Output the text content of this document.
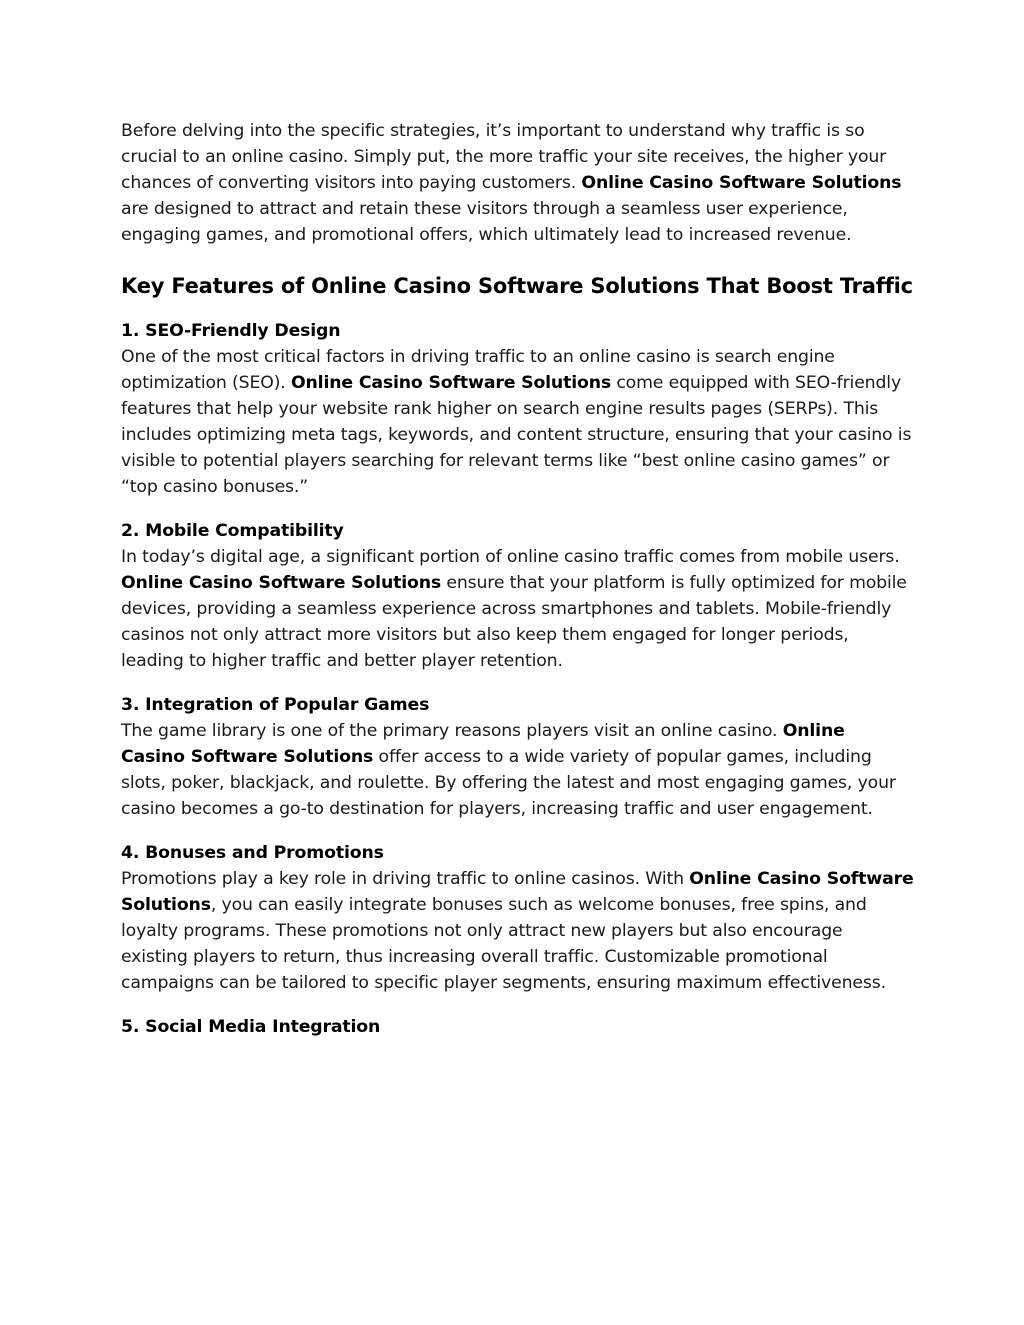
Before delving into the specific strategies, it’s important to understand why traffic is so crucial to an online casino. Simply put, the more traffic your site receives, the higher your chances of converting visitors into paying customers. Online Casino Software Solutions are designed to attract and retain these visitors through a seamless user experience, engaging games, and promotional offers, which ultimately lead to increased revenue.

Key Features of Online Casino Software Solutions That Boost Traffic
1. SEO-Friendly Design

One of the most critical factors in driving traffic to an online casino is search engine optimization (SEO). Online Casino Software Solutions come equipped with SEO-friendly features that help your website rank higher on search engine results pages (SERPs). This includes optimizing meta tags, keywords, and content structure, ensuring that your casino is visible to potential players searching for relevant terms like “best online casino games” or “top casino bonuses.”

2. Mobile Compatibility

In today’s digital age, a significant portion of online casino traffic comes from mobile users. Online Casino Software Solutions ensure that your platform is fully optimized for mobile devices, providing a seamless experience across smartphones and tablets. Mobile-friendly casinos not only attract more visitors but also keep them engaged for longer periods, leading to higher traffic and better player retention.

3. Integration of Popular Games

The game library is one of the primary reasons players visit an online casino. Online Casino Software Solutions offer access to a wide variety of popular games, including slots, poker, blackjack, and roulette. By offering the latest and most engaging games, your casino becomes a go-to destination for players, increasing traffic and user engagement.

4. Bonuses and Promotions

Promotions play a key role in driving traffic to online casinos. With Online Casino Software Solutions, you can easily integrate bonuses such as welcome bonuses, free spins, and loyalty programs. These promotions not only attract new players but also encourage existing players to return, thus increasing overall traffic. Customizable promotional campaigns can be tailored to specific player segments, ensuring maximum effectiveness.

5. Social Media Integration
